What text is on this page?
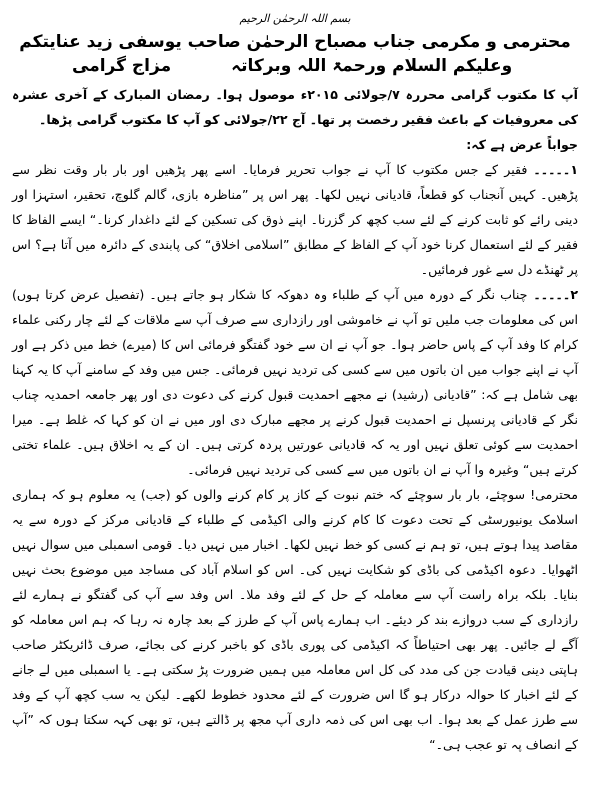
بسم اللہ الرحمٰن الرحیم
محترمی و مکرمی جناب مصباح الرحمٰن صاحب یوسفی زید عنایتکم
وعلیکم السلام ورحمۃ اللہ وبرکاتہ
مزاج گرامی

آپ کا مکتوب گرامی محررہ ۷/جولائی ۲۰۱۵ء موصول ہوا۔ رمضان المبارک کے آخری عشرہ کی معروفیات کے باعث فقیر رخصت پر تھا۔ آج ۲۲/جولائی کو آپ کا مکتوب گرامی پڑھا۔

جواباً عرض ہے کہ:

۱۔۔۔۔۔فقیر کے جس مکتوب کا آپ نے جواب تحریر فرمایا۔ اسے پھر پڑھیں اور بار بار وقت نظر سے پڑھیں۔ کہیں آنجناب کو قطعاً، قادیانی نہیں لکھا۔ پھر اس پر ”مناظرہ بازی، گالم گلوچ، تحقیر، استہزا اور دینی رائے کو ثابت کرنے کے لئے سب کچھ کر گزرنا۔ اپنے ذوق کی تسکین کے لئے داغدار کرنا۔“ ایسے الفاظ کا فقیر کے لئے استعمال کرنا خود آپ کے الفاظ کے مطابق ”اسلامی اخلاق“ کی پابندی کے دائرہ میں آتا ہے؟ اس پر ٹھنڈے دل سے غور فرمائیں۔

۲۔۔۔۔۔چناب نگر کے دورہ میں آپ کے طلباء وہ دھوکہ کا شکار ہو جاتے ہیں۔ (تفصیل عرض کرتا ہوں) اس کی معلومات جب ملیں تو آپ نے خاموشی اور رازداری سے صرف آپ سے ملاقات کے لئے چار رکنی علماء کرام کا وفد آپ کے پاس حاضر ہوا۔ جو آپ نے ان سے خود گفتگو فرمائی اس کا (میرے) خط میں ذکر ہے اور آپ نے اپنے جواب میں ان باتوں میں سے کسی کی تردید نہیں فرمائی۔ جس میں وفد کے سامنے آپ کا یہ کہنا بھی شامل ہے کہ: ”قادیانی (رشید) نے مجھے احمدیت قبول کرنے کی دعوت دی اور پھر جامعہ احمدیہ چناب نگر کے قادیانی پرنسپل نے احمدیت قبول کرنے پر مجھے مبارک دی اور میں نے ان کو کہا کہ غلط ہے۔ میرا احمدیت سے کوئی تعلق نہیں اور یہ کہ قادیانی عورتیں پردہ کرتی ہیں۔ ان کے یہ اخلاق ہیں۔ علماء تختی کرتے ہیں“ وغیرہ وا آپ نے ان باتوں میں سے کسی کی تردید نہیں فرمائی۔

محترمی! سوچئے، بار بار سوچئے کہ ختم نبوت کے کاز پر کام کرنے والوں کو (جب) یہ معلوم ہو کہ ہماری اسلامک یونیورسٹی کے تحت دعوت کا کام کرنے والی اکیڈمی کے طلباء کے قادیانی مرکز کے دورہ سے یہ مقاصد پیدا ہوتے ہیں، تو ہم نے کسی کو خط نہیں لکھا۔ اخبار میں نہیں دیا۔ قومی اسمبلی میں سوال نہیں اٹھوایا۔ دعوہ اکیڈمی کی باڈی کو شکایت نہیں کی۔ اس کو اسلام آباد کی مساجد میں موضوع بحث نہیں بنایا۔ بلکہ براہ راست آپ سے معاملہ کے حل کے لئے وفد ملا۔ اس وفد سے آپ کی گفتگو نے ہمارے لئے رازداری کے سب دروازے بند کر دیئے۔ اب ہمارے پاس آپ کے طرز کے بعد چارہ نہ رہا کہ ہم اس معاملہ کو آگے لے جائیں۔ پھر بھی احتیاطاً کہ اکیڈمی کی پوری باڈی کو باخبر کرنے کی بجائے، صرف ڈائریکٹر صاحب ہاپتی دینی قیادت جن کی مدد کی کل اس معاملہ میں ہمیں ضرورت پڑ سکتی ہے۔ یا اسمبلی میں لے جانے کے لئے اخبار کا حوالہ درکار ہو گا اس ضرورت کے لئے محدود خطوط لکھے۔ لیکن یہ سب کچھ آپ کے وفد سے طرز عمل کے بعد ہوا۔ اب بھی اس کی ذمہ داری آپ مجھ پر ڈالتے ہیں، تو بھی کہہ سکتا ہوں کہ ”آپ کے انصاف پہ تو عجب ہی۔“
